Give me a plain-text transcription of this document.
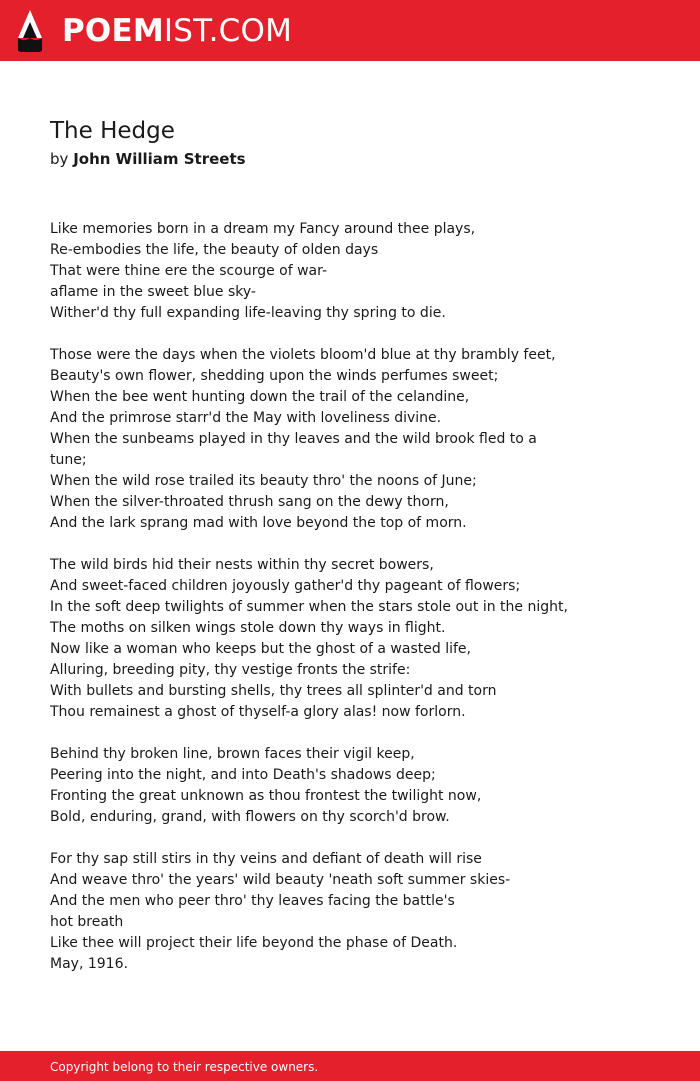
POEMIST.COM
The Hedge
by John William Streets
Like memories born in a dream my Fancy around thee plays,
Re-embodies the life, the beauty of olden days
That were thine ere the scourge of war-
aflame in the sweet blue sky-
Wither'd thy full expanding life-leaving thy spring to die.
Those were the days when the violets bloom'd blue at thy brambly feet,
Beauty's own flower, shedding upon the winds perfumes sweet;
When the bee went hunting down the trail of the celandine,
And the primrose starr'd the May with loveliness divine.
When the sunbeams played in thy leaves and the wild brook fled to a
tune;
When the wild rose trailed its beauty thro' the noons of June;
When the silver-throated thrush sang on the dewy thorn,
And the lark sprang mad with love beyond the top of morn.
The wild birds hid their nests within thy secret bowers,
And sweet-faced children joyously gather'd thy pageant of flowers;
In the soft deep twilights of summer when the stars stole out in the night,
The moths on silken wings stole down thy ways in flight.
Now like a woman who keeps but the ghost of a wasted life,
Alluring, breeding pity, thy vestige fronts the strife:
With bullets and bursting shells, thy trees all splinter'd and torn
Thou remainest a ghost of thyself-a glory alas! now forlorn.
Behind thy broken line, brown faces their vigil keep,
Peering into the night, and into Death's shadows deep;
Fronting the great unknown as thou frontest the twilight now,
Bold, enduring, grand, with flowers on thy scorch'd brow.
For thy sap still stirs in thy veins and defiant of death will rise
And weave thro' the years' wild beauty 'neath soft summer skies-
And the men who peer thro' thy leaves facing the battle's
hot breath
Like thee will project their life beyond the phase of Death.
May, 1916.
Copyright belong to their respective owners.
